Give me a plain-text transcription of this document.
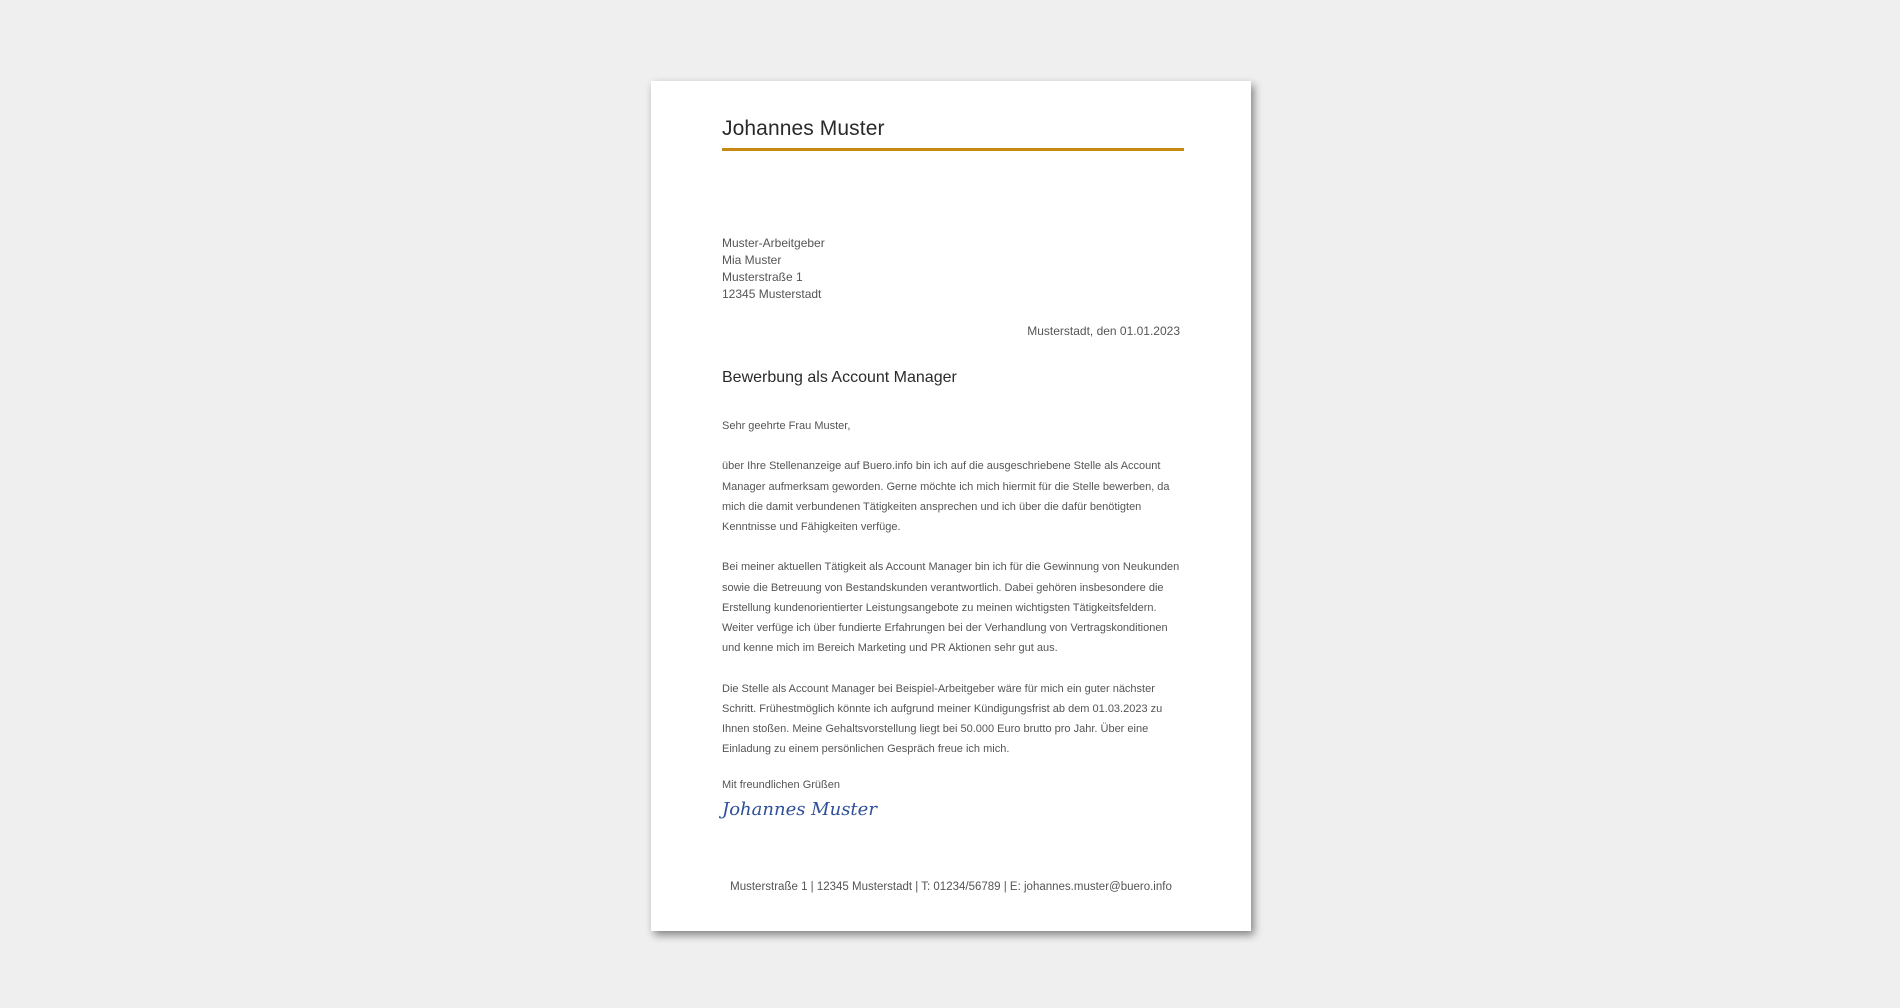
Johannes Muster
Muster-Arbeitgeber
Mia Muster
Musterstraße 1
12345 Musterstadt
Musterstadt, den 01.01.2023
Bewerbung als Account Manager

Sehr geehrte Frau Muster,

über Ihre Stellenanzeige auf Buero.info bin ich auf die ausgeschriebene Stelle als Account Manager aufmerksam geworden. Gerne möchte ich mich hiermit für die Stelle bewerben, da mich die damit verbundenen Tätigkeiten ansprechen und ich über die dafür benötigten Kenntnisse und Fähigkeiten verfüge.

Bei meiner aktuellen Tätigkeit als Account Manager bin ich für die Gewinnung von Neukunden sowie die Betreuung von Bestandskunden verantwortlich. Dabei gehören insbesondere die Erstellung kundenorientierter Leistungsangebote zu meinen wichtigsten Tätigkeitsfeldern. Weiter verfüge ich über fundierte Erfahrungen bei der Verhandlung von Vertragskonditionen und kenne mich im Bereich Marketing und PR Aktionen sehr gut aus.

Die Stelle als Account Manager bei Beispiel-Arbeitgeber wäre für mich ein guter nächster Schritt. Frühestmöglich könnte ich aufgrund meiner Kündigungsfrist ab dem 01.03.2023 zu Ihnen stoßen. Meine Gehaltsvorstellung liegt bei 50.000 Euro brutto pro Jahr. Über eine Einladung zu einem persönlichen Gespräch freue ich mich.

Mit freundlichen Grüßen
Johannes Muster
Musterstraße 1 | 12345 Musterstadt | T: 01234/56789 | E: johannes.muster@buero.info
